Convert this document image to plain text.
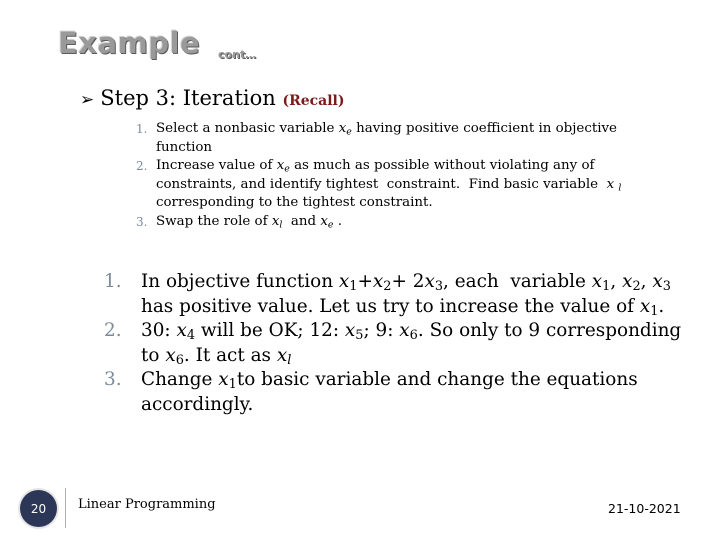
Example cont…
➢ Step 3: Iteration (Recall)
1. Select a nonbasic variable $x_e$ having positive coefficient in objective function
2. Increase value of $x_e$ as much as possible without violating any of constraints, and identify tightest  constraint.  Find basic variable  x $_l$ corresponding to the tightest constraint.
3. Swap the role of $x_l$  and $x_e$ .
1. In objective function $x_1+x_2+ 2x_3$, each  variable $x_1$, $x_2$, $x_3$ has positive value. Let us try to increase the value of $x_1$.
2. 30: $x_4$ will be OK; 12: $x_5$; 9: $x_6$. So only to 9 corresponding to $x_6$. It act as $x_l$
3. Change $x_1to$ basic variable and change the equations accordingly.
20	Linear Programming	21-10-2021
